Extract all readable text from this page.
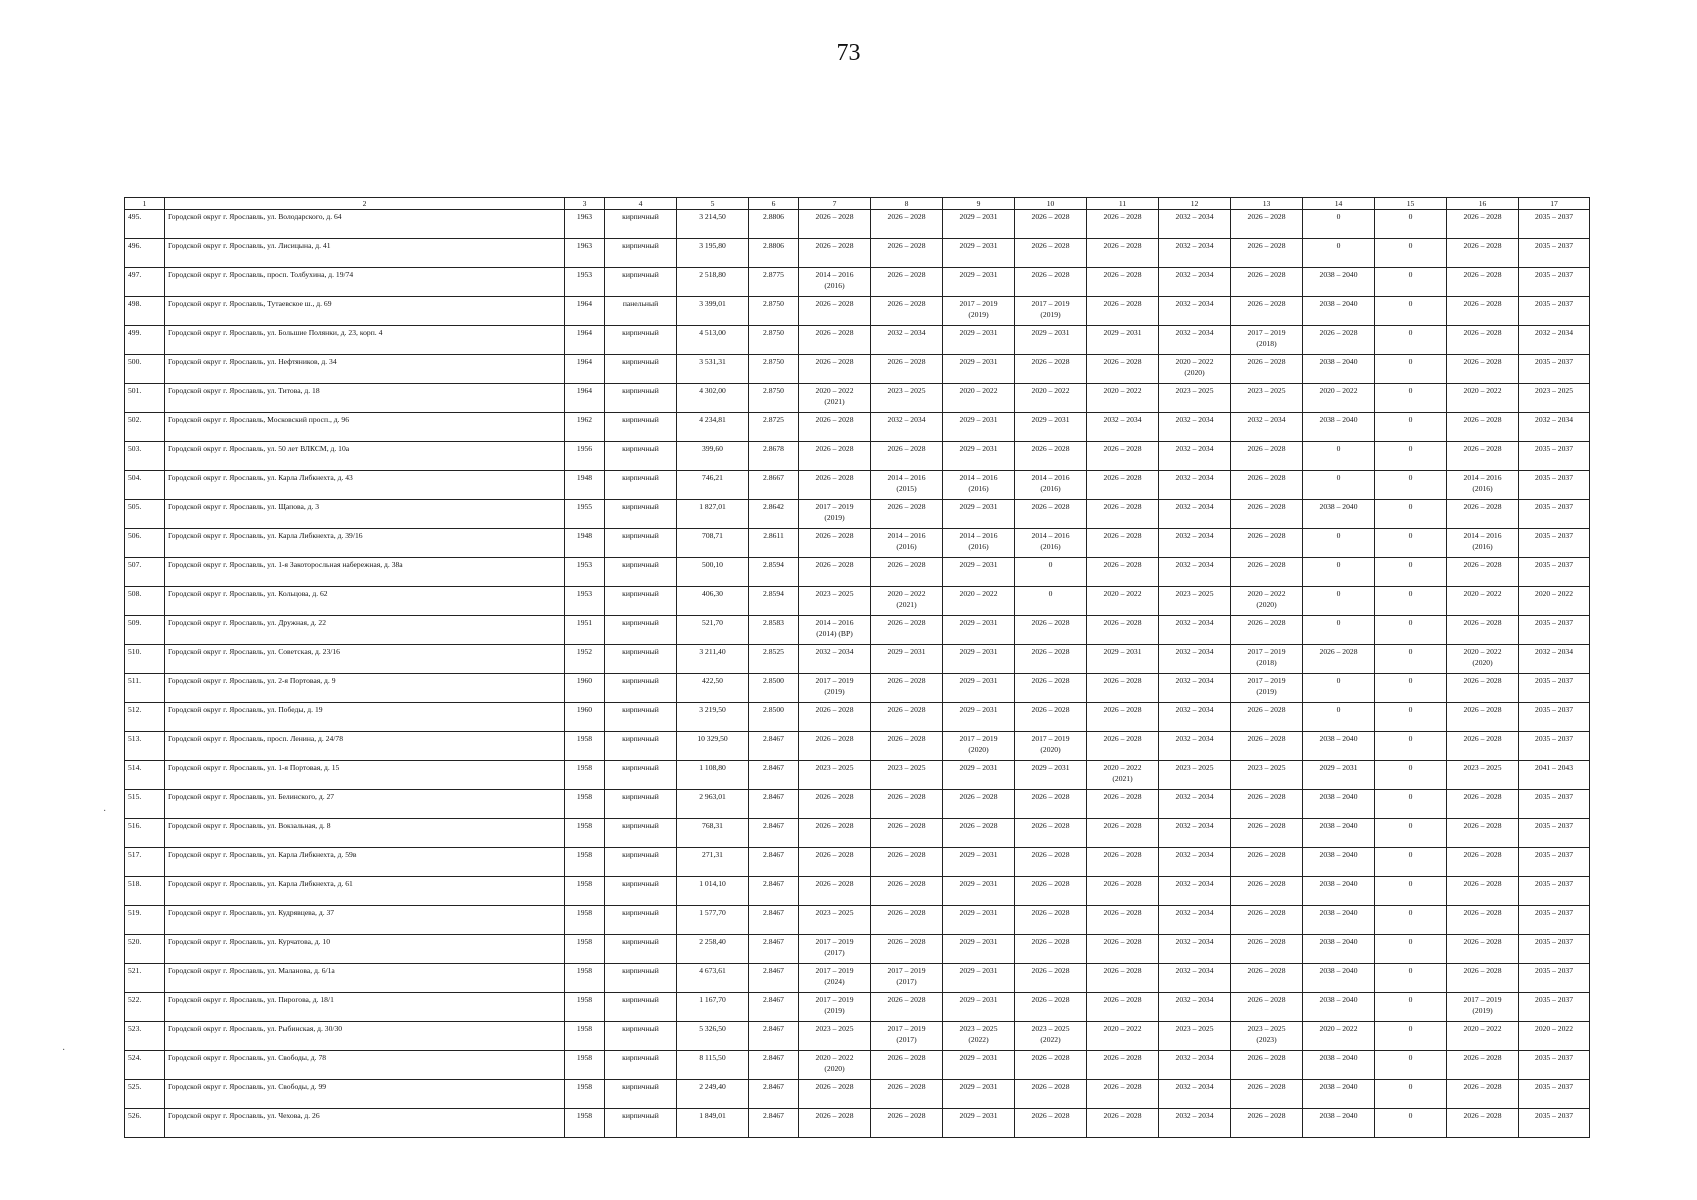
73
1	2	3	4	5	6	7	8	9	10	11	12	13	14	15	16	17
495.	Городской округ г. Ярославль, ул. Володарского, д. 64	1963	кирпичный	3 214,50	2.8806	2026 – 2028	2026 – 2028	2029 – 2031	2026 – 2028	2026 – 2028	2032 – 2034	2026 – 2028	0	0	2026 – 2028	2035 – 2037

496.	Городской округ г. Ярославль, ул. Лисицына, д. 41	1963	кирпичный	3 195,80	2.8806	2026 – 2028	2026 – 2028	2029 – 2031	2026 – 2028	2026 – 2028	2032 – 2034	2026 – 2028	0	0	2026 – 2028	2035 – 2037

497.	Городской округ г. Ярославль, просп. Толбухина, д. 19/74	1953	кирпичный	2 518,80	2.8775	2014 – 2016
(2016)	2026 – 2028	2029 – 2031	2026 – 2028	2026 – 2028	2032 – 2034	2026 – 2028	2038 – 2040	0	2026 – 2028	2035 – 2037

498.	Городской округ г. Ярославль, Тутаевское ш., д. 69	1964	панельный	3 399,01	2.8750	2026 – 2028	2026 – 2028	2017 – 2019
(2019)	2017 – 2019
(2019)	2026 – 2028	2032 – 2034	2026 – 2028	2038 – 2040	0	2026 – 2028	2035 – 2037

499.	Городской округ г. Ярославль, ул. Большие Полянки, д. 23, корп. 4	1964	кирпичный	4 513,00	2.8750	2026 – 2028	2032 – 2034	2029 – 2031	2029 – 2031	2029 – 2031	2032 – 2034	2017 – 2019
(2018)	2026 – 2028	0	2026 – 2028	2032 – 2034

500.	Городской округ г. Ярославль, ул. Нефтяников, д. 34	1964	кирпичный	3 531,31	2.8750	2026 – 2028	2026 – 2028	2029 – 2031	2026 – 2028	2026 – 2028	2020 – 2022
(2020)	2026 – 2028	2038 – 2040	0	2026 – 2028	2035 – 2037

501.	Городской округ г. Ярославль, ул. Титова, д. 18	1964	кирпичный	4 302,00	2.8750	2020 – 2022
(2021)	2023 – 2025	2020 – 2022	2020 – 2022	2020 – 2022	2023 – 2025	2023 – 2025	2020 – 2022	0	2020 – 2022	2023 – 2025

502.	Городской округ г. Ярославль, Московский просп., д. 96	1962	кирпичный	4 234,81	2.8725	2026 – 2028	2032 – 2034	2029 – 2031	2029 – 2031	2032 – 2034	2032 – 2034	2032 – 2034	2038 – 2040	0	2026 – 2028	2032 – 2034

503.	Городской округ г. Ярославль, ул. 50 лет ВЛКСМ, д. 10а	1956	кирпичный	399,60	2.8678	2026 – 2028	2026 – 2028	2029 – 2031	2026 – 2028	2026 – 2028	2032 – 2034	2026 – 2028	0	0	2026 – 2028	2035 – 2037

504.	Городской округ г. Ярославль, ул. Карла Либкнехта, д. 43	1948	кирпичный	746,21	2.8667	2026 – 2028	2014 – 2016
(2015)	2014 – 2016
(2016)	2014 – 2016
(2016)	2026 – 2028	2032 – 2034	2026 – 2028	0	0	2014 – 2016
(2016)	2035 – 2037

505.	Городской округ г. Ярославль, ул. Щапова, д. 3	1955	кирпичный	1 827,01	2.8642	2017 – 2019
(2019)	2026 – 2028	2029 – 2031	2026 – 2028	2026 – 2028	2032 – 2034	2026 – 2028	2038 – 2040	0	2026 – 2028	2035 – 2037

506.	Городской округ г. Ярославль, ул. Карла Либкнехта, д. 39/16	1948	кирпичный	708,71	2.8611	2026 – 2028	2014 – 2016
(2016)	2014 – 2016
(2016)	2014 – 2016
(2016)	2026 – 2028	2032 – 2034	2026 – 2028	0	0	2014 – 2016
(2016)	2035 – 2037

507.	Городской округ г. Ярославль, ул. 1-я Закоторосльная набережная, д. 38а	1953	кирпичный	500,10	2.8594	2026 – 2028	2026 – 2028	2029 – 2031	0	2026 – 2028	2032 – 2034	2026 – 2028	0	0	2026 – 2028	2035 – 2037

508.	Городской округ г. Ярославль, ул. Кольцова, д. 62	1953	кирпичный	406,30	2.8594	2023 – 2025	2020 – 2022
(2021)	2020 – 2022	0	2020 – 2022	2023 – 2025	2020 – 2022
(2020)	0	0	2020 – 2022	2020 – 2022

509.	Городской округ г. Ярославль, ул. Дружная, д. 22	1951	кирпичный	521,70	2.8583	2014 – 2016
(2014) (ВР)	2026 – 2028	2029 – 2031	2026 – 2028	2026 – 2028	2032 – 2034	2026 – 2028	0	0	2026 – 2028	2035 – 2037

510.	Городской округ г. Ярославль, ул. Советская, д. 23/16	1952	кирпичный	3 211,40	2.8525	2032 – 2034	2029 – 2031	2029 – 2031	2026 – 2028	2029 – 2031	2032 – 2034	2017 – 2019
(2018)	2026 – 2028	0	2020 – 2022
(2020)	2032 – 2034

511.	Городской округ г. Ярославль, ул. 2-я Портовая, д. 9	1960	кирпичный	422,50	2.8500	2017 – 2019
(2019)	2026 – 2028	2029 – 2031	2026 – 2028	2026 – 2028	2032 – 2034	2017 – 2019
(2019)	0	0	2026 – 2028	2035 – 2037

512.	Городской округ г. Ярославль, ул. Победы, д. 19	1960	кирпичный	3 219,50	2.8500	2026 – 2028	2026 – 2028	2029 – 2031	2026 – 2028	2026 – 2028	2032 – 2034	2026 – 2028	0	0	2026 – 2028	2035 – 2037

513.	Городской округ г. Ярославль, просп. Ленина, д. 24/78	1958	кирпичный	10 329,50	2.8467	2026 – 2028	2026 – 2028	2017 – 2019
(2020)	2017 – 2019
(2020)	2026 – 2028	2032 – 2034	2026 – 2028	2038 – 2040	0	2026 – 2028	2035 – 2037

514.	Городской округ г. Ярославль, ул. 1-я Портовая, д. 15	1958	кирпичный	1 108,80	2.8467	2023 – 2025	2023 – 2025	2029 – 2031	2029 – 2031	2020 – 2022
(2021)	2023 – 2025	2023 – 2025	2029 – 2031	0	2023 – 2025	2041 – 2043

515.	Городской округ г. Ярославль, ул. Белинского, д. 27	1958	кирпичный	2 963,01	2.8467	2026 – 2028	2026 – 2028	2026 – 2028	2026 – 2028	2026 – 2028	2032 – 2034	2026 – 2028	2038 – 2040	0	2026 – 2028	2035 – 2037

516.	Городской округ г. Ярославль, ул. Вокзальная, д. 8	1958	кирпичный	768,31	2.8467	2026 – 2028	2026 – 2028	2026 – 2028	2026 – 2028	2026 – 2028	2032 – 2034	2026 – 2028	2038 – 2040	0	2026 – 2028	2035 – 2037

517.	Городской округ г. Ярославль, ул. Карла Либкнехта, д. 59в	1958	кирпичный	271,31	2.8467	2026 – 2028	2026 – 2028	2029 – 2031	2026 – 2028	2026 – 2028	2032 – 2034	2026 – 2028	2038 – 2040	0	2026 – 2028	2035 – 2037

518.	Городской округ г. Ярославль, ул. Карла Либкнехта, д. 61	1958	кирпичный	1 014,10	2.8467	2026 – 2028	2026 – 2028	2029 – 2031	2026 – 2028	2026 – 2028	2032 – 2034	2026 – 2028	2038 – 2040	0	2026 – 2028	2035 – 2037

519.	Городской округ г. Ярославль, ул. Кудрявцева, д. 37	1958	кирпичный	1 577,70	2.8467	2023 – 2025	2026 – 2028	2029 – 2031	2026 – 2028	2026 – 2028	2032 – 2034	2026 – 2028	2038 – 2040	0	2026 – 2028	2035 – 2037

520.	Городской округ г. Ярославль, ул. Курчатова, д. 10	1958	кирпичный	2 258,40	2.8467	2017 – 2019
(2017)	2026 – 2028	2029 – 2031	2026 – 2028	2026 – 2028	2032 – 2034	2026 – 2028	2038 – 2040	0	2026 – 2028	2035 – 2037

521.	Городской округ г. Ярославль, ул. Маланова, д. 6/1а	1958	кирпичный	4 673,61	2.8467	2017 – 2019
(2024)	2017 – 2019
(2017)	2029 – 2031	2026 – 2028	2026 – 2028	2032 – 2034	2026 – 2028	2038 – 2040	0	2026 – 2028	2035 – 2037

522.	Городской округ г. Ярославль, ул. Пирогова, д. 18/1	1958	кирпичный	1 167,70	2.8467	2017 – 2019
(2019)	2026 – 2028	2029 – 2031	2026 – 2028	2026 – 2028	2032 – 2034	2026 – 2028	2038 – 2040	0	2017 – 2019
(2019)	2035 – 2037

523.	Городской округ г. Ярославль, ул. Рыбинская, д. 30/30	1958	кирпичный	5 326,50	2.8467	2023 – 2025	2017 – 2019
(2017)	2023 – 2025
(2022)	2023 – 2025
(2022)	2020 – 2022	2023 – 2025	2023 – 2025
(2023)	2020 – 2022	0	2020 – 2022	2020 – 2022

524.	Городской округ г. Ярославль, ул. Свободы, д. 78	1958	кирпичный	8 115,50	2.8467	2020 – 2022
(2020)	2026 – 2028	2029 – 2031	2026 – 2028	2026 – 2028	2032 – 2034	2026 – 2028	2038 – 2040	0	2026 – 2028	2035 – 2037

525.	Городской округ г. Ярославль, ул. Свободы, д. 99	1958	кирпичный	2 249,40	2.8467	2026 – 2028	2026 – 2028	2029 – 2031	2026 – 2028	2026 – 2028	2032 – 2034	2026 – 2028	2038 – 2040	0	2026 – 2028	2035 – 2037

526.	Городской округ г. Ярославль, ул. Чехова, д. 26	1958	кирпичный	1 849,01	2.8467	2026 – 2028	2026 – 2028	2029 – 2031	2026 – 2028	2026 – 2028	2032 – 2034	2026 – 2028	2038 – 2040	0	2026 – 2028	2035 – 2037
·
·
